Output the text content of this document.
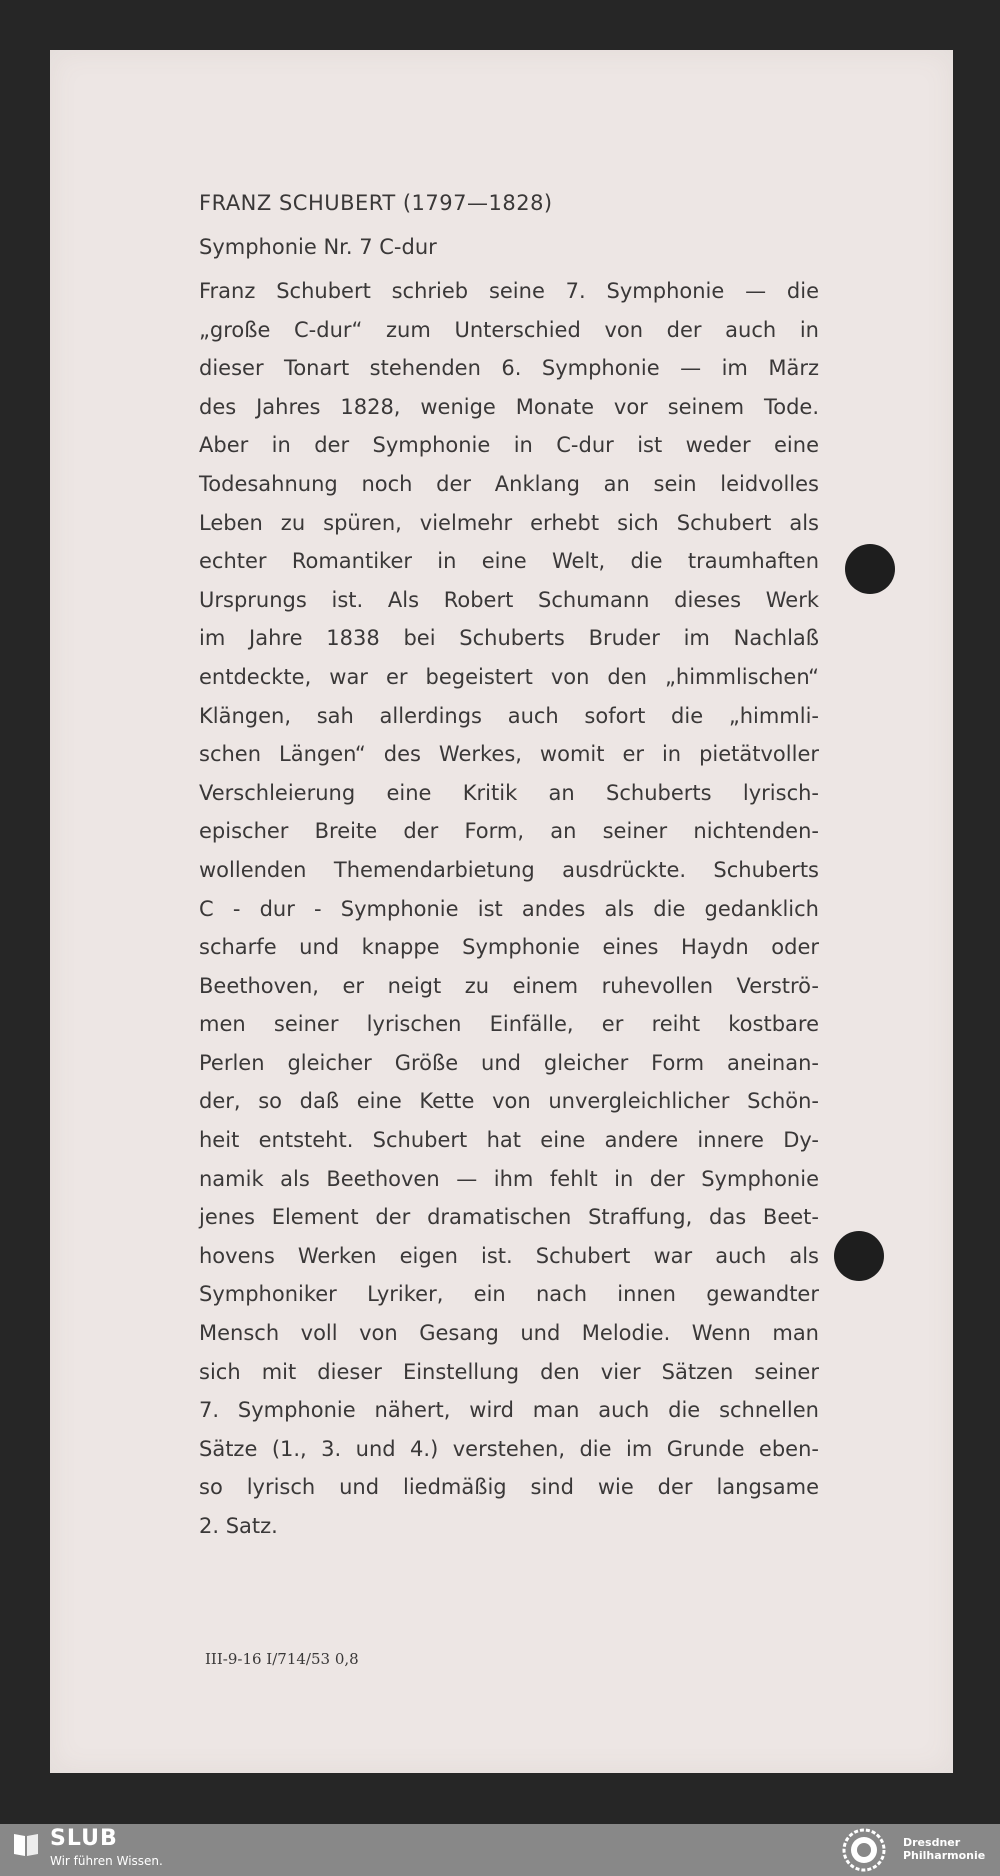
FRANZ SCHUBERT (1797—1828)
Symphonie Nr. 7 C-dur
Franz Schubert schrieb seine 7. Symphonie — die
„große C-dur“ zum Unterschied von der auch in
dieser Tonart stehenden 6. Symphonie — im März
des Jahres 1828, wenige Monate vor seinem Tode.
Aber in der Symphonie in C-dur ist weder eine
Todesahnung noch der Anklang an sein leidvolles
Leben zu spüren, vielmehr erhebt sich Schubert als
echter Romantiker in eine Welt, die traumhaften
Ursprungs ist. Als Robert Schumann dieses Werk
im Jahre 1838 bei Schuberts Bruder im Nachlaß
entdeckte, war er begeistert von den „himmlischen“
Klängen, sah allerdings auch sofort die „himmli-
schen Längen“ des Werkes, womit er in pietätvoller
Verschleierung eine Kritik an Schuberts lyrisch-
epischer Breite der Form, an seiner nichtenden-
wollenden Themendarbietung ausdrückte. Schuberts
C - dur - Symphonie ist andes als die gedanklich
scharfe und knappe Symphonie eines Haydn oder
Beethoven, er neigt zu einem ruhevollen Verströ-
men seiner lyrischen Einfälle, er reiht kostbare
Perlen gleicher Größe und gleicher Form aneinan-
der, so daß eine Kette von unvergleichlicher Schön-
heit entsteht. Schubert hat eine andere innere Dy-
namik als Beethoven — ihm fehlt in der Symphonie
jenes Element der dramatischen Straffung, das Beet-
hovens Werken eigen ist. Schubert war auch als
Symphoniker Lyriker, ein nach innen gewandter
Mensch voll von Gesang und Melodie. Wenn man
sich mit dieser Einstellung den vier Sätzen seiner
7. Symphonie nähert, wird man auch die schnellen
Sätze (1., 3. und 4.) verstehen, die im Grunde eben-
so lyrisch und liedmäßig sind wie der langsame
2. Satz.
III-9-16 I/714/53 0,8
SLUB
Wir führen Wissen.
Dresdner
Philharmonie
